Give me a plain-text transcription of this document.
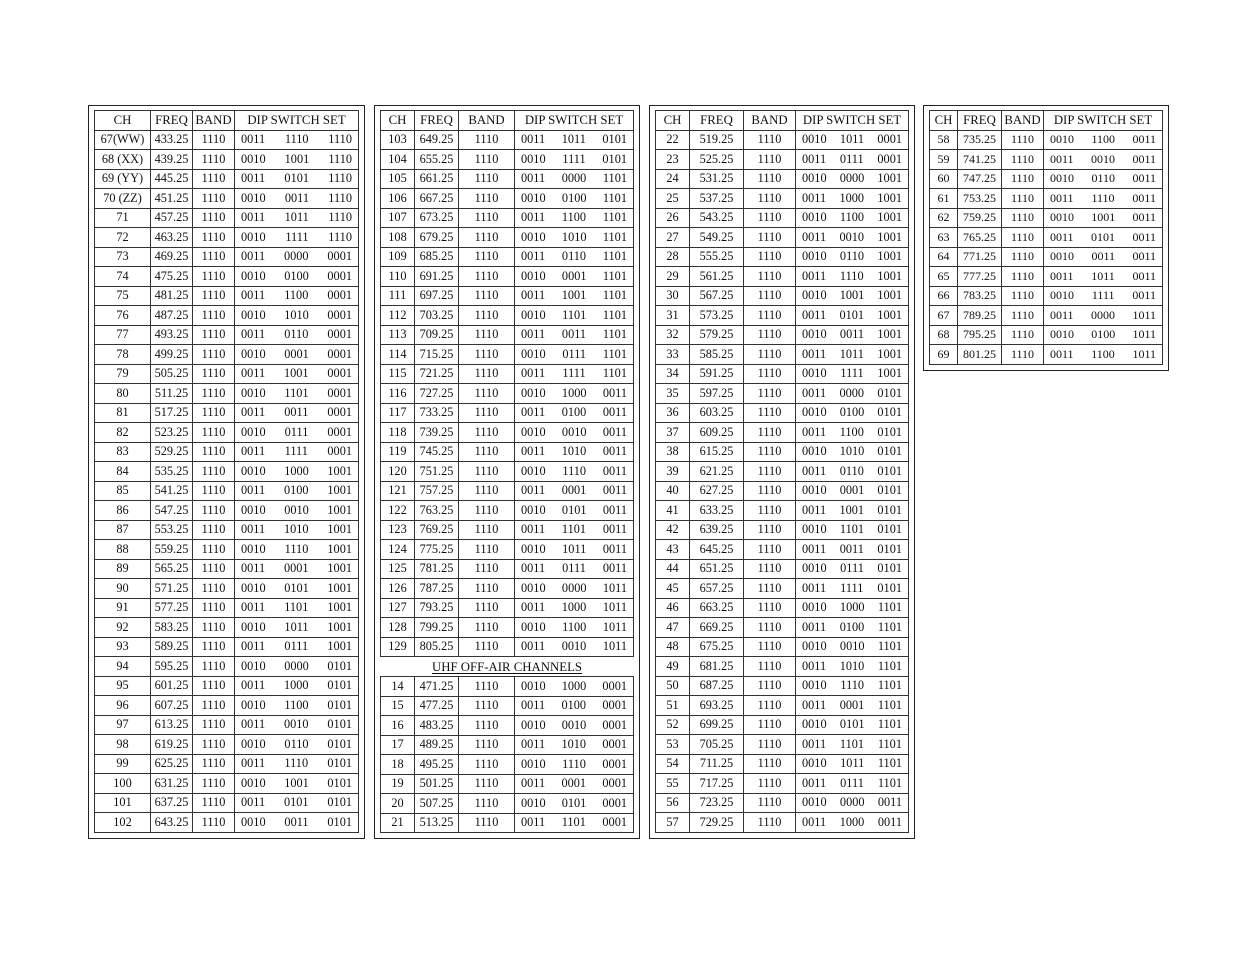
CH	FREQ	BAND	DIP SWITCH SET
67(WW)	433.25	1110	0011 1110 1110

68 (XX)	439.25	1110	0010 1001 1110

69 (YY)	445.25	1110	0011 0101 1110

70 (ZZ)	451.25	1110	0010 0011 1110

71	457.25	1110	0011 1011 1110

72	463.25	1110	0010 1111 1110

73	469.25	1110	0011 0000 0001

74	475.25	1110	0010 0100 0001

75	481.25	1110	0011 1100 0001

76	487.25	1110	0010 1010 0001

77	493.25	1110	0011 0110 0001

78	499.25	1110	0010 0001 0001

79	505.25	1110	0011 1001 0001

80	511.25	1110	0010 1101 0001

81	517.25	1110	0011 0011 0001

82	523.25	1110	0010 0111 0001

83	529.25	1110	0011 1111 0001

84	535.25	1110	0010 1000 1001

85	541.25	1110	0011 0100 1001

86	547.25	1110	0010 0010 1001

87	553.25	1110	0011 1010 1001

88	559.25	1110	0010 1110 1001

89	565.25	1110	0011 0001 1001

90	571.25	1110	0010 0101 1001

91	577.25	1110	0011 1101 1001

92	583.25	1110	0010 1011 1001

93	589.25	1110	0011 0111 1001

94	595.25	1110	0010 0000 0101

95	601.25	1110	0011 1000 0101

96	607.25	1110	0010 1100 0101

97	613.25	1110	0011 0010 0101

98	619.25	1110	0010 0110 0101

99	625.25	1110	0011 1110 0101

100	631.25	1110	0010 1001 0101

101	637.25	1110	0011 0101 0101

102	643.25	1110	0010 0011 0101
CH	FREQ	BAND	DIP SWITCH SET
103	649.25	1110	0011 1011 0101

104	655.25	1110	0010 1111 0101

105	661.25	1110	0011 0000 1101

106	667.25	1110	0010 0100 1101

107	673.25	1110	0011 1100 1101

108	679.25	1110	0010 1010 1101

109	685.25	1110	0011 0110 1101

110	691.25	1110	0010 0001 1101

111	697.25	1110	0011 1001 1101

112	703.25	1110	0010 1101 1101

113	709.25	1110	0011 0011 1101

114	715.25	1110	0010 0111 1101

115	721.25	1110	0011 1111 1101

116	727.25	1110	0010 1000 0011

117	733.25	1110	0011 0100 0011

118	739.25	1110	0010 0010 0011

119	745.25	1110	0011 1010 0011

120	751.25	1110	0010 1110 0011

121	757.25	1110	0011 0001 0011

122	763.25	1110	0010 0101 0011

123	769.25	1110	0011 1101 0011

124	775.25	1110	0010 1011 0011

125	781.25	1110	0011 0111 0011

126	787.25	1110	0010 0000 1011

127	793.25	1110	0011 1000 1011

128	799.25	1110	0010 1100 1011

129	805.25	1110	0011 0010 1011
UHF OFF-AIR CHANNELS
14	471.25	1110	0010 1000 0001

15	477.25	1110	0011 0100 0001

16	483.25	1110	0010 0010 0001

17	489.25	1110	0011 1010 0001

18	495.25	1110	0010 1110 0001

19	501.25	1110	0011 0001 0001

20	507.25	1110	0010 0101 0001

21	513.25	1110	0011 1101 0001
CH	FREQ	BAND	DIP SWITCH SET
22	519.25	1110	0010 1011 0001

23	525.25	1110	0011 0111 0001

24	531.25	1110	0010 0000 1001

25	537.25	1110	0011 1000 1001

26	543.25	1110	0010 1100 1001

27	549.25	1110	0011 0010 1001

28	555.25	1110	0010 0110 1001

29	561.25	1110	0011 1110 1001

30	567.25	1110	0010 1001 1001

31	573.25	1110	0011 0101 1001

32	579.25	1110	0010 0011 1001

33	585.25	1110	0011 1011 1001

34	591.25	1110	0010 1111 1001

35	597.25	1110	0011 0000 0101

36	603.25	1110	0010 0100 0101

37	609.25	1110	0011 1100 0101

38	615.25	1110	0010 1010 0101

39	621.25	1110	0011 0110 0101

40	627.25	1110	0010 0001 0101

41	633.25	1110	0011 1001 0101

42	639.25	1110	0010 1101 0101

43	645.25	1110	0011 0011 0101

44	651.25	1110	0010 0111 0101

45	657.25	1110	0011 1111 0101

46	663.25	1110	0010 1000 1101

47	669.25	1110	0011 0100 1101

48	675.25	1110	0010 0010 1101

49	681.25	1110	0011 1010 1101

50	687.25	1110	0010 1110 1101

51	693.25	1110	0011 0001 1101

52	699.25	1110	0010 0101 1101

53	705.25	1110	0011 1101 1101

54	711.25	1110	0010 1011 1101

55	717.25	1110	0011 0111 1101

56	723.25	1110	0010 0000 0011

57	729.25	1110	0011 1000 0011
CH	FREQ	BAND	DIP SWITCH SET
58	735.25	1110	0010 1100 0011

59	741.25	1110	0011 0010 0011

60	747.25	1110	0010 0110 0011

61	753.25	1110	0011 1110 0011

62	759.25	1110	0010 1001 0011

63	765.25	1110	0011 0101 0011

64	771.25	1110	0010 0011 0011

65	777.25	1110	0011 1011 0011

66	783.25	1110	0010 1111 0011

67	789.25	1110	0011 0000 1011

68	795.25	1110	0010 0100 1011

69	801.25	1110	0011 1100 1011
